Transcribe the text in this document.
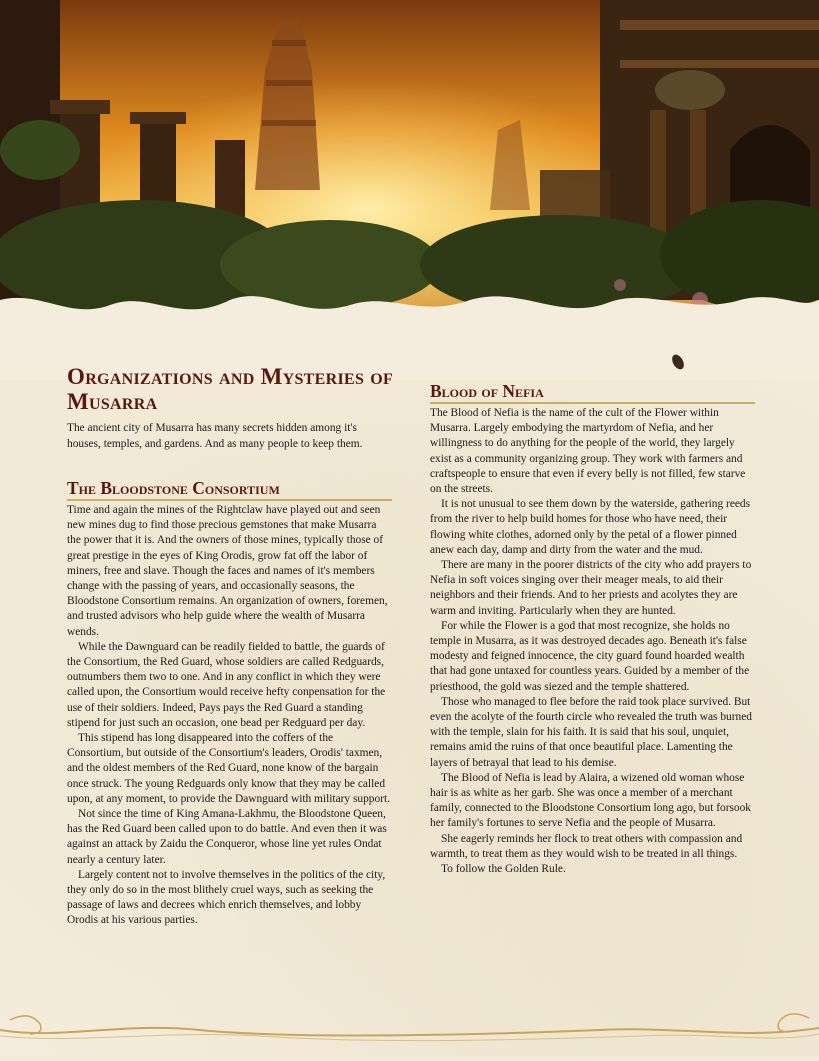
Organizations and Mysteries of Musarra

The ancient city of Musarra has many secrets hidden among it's houses, temples, and gardens. And as many people to keep them.

The Bloodstone Consortium

Time and again the mines of the Rightclaw have played out and seen new mines dug to find those precious gemstones that make Musarra the power that it is. And the owners of those mines, typically those of great prestige in the eyes of King Orodis, grow fat off the labor of miners, free and slave. Though the faces and names of it's members change with the passing of years, and occasionally seasons, the Bloodstone Consortium remains. An organization of owners, foremen, and trusted advisors who help guide where the wealth of Musarra wends.

While the Dawnguard can be readily fielded to battle, the guards of the Consortium, the Red Guard, whose soldiers are called Redguards, outnumbers them two to one. And in any conflict in which they were called upon, the Consortium would receive hefty conpensation for the use of their soldiers. Indeed, Pays pays the Red Guard a standing stipend for just such an occasion, one bead per Redguard per day.

This stipend has long disappeared into the coffers of the Consortium, but outside of the Consortium's leaders, Orodis' taxmen, and the oldest members of the Red Guard, none know of the bargain once struck. The young Redguards only know that they may be called upon, at any moment, to provide the Dawnguard with military support.

Not since the time of King Amana-Lakhmu, the Bloodstone Queen, has the Red Guard been called upon to do battle. And even then it was against an attack by Zaidu the Conqueror, whose line yet rules Ondat nearly a century later.

Largely content not to involve themselves in the politics of the city, they only do so in the most blithely cruel ways, such as seeking the passage of laws and decrees which enrich themselves, and lobby Orodis at his various parties.

Blood of Nefia

The Blood of Nefia is the name of the cult of the Flower within Musarra. Largely embodying the martyrdom of Nefia, and her willingness to do anything for the people of the world, they largely exist as a community organizing group. They work with farmers and craftspeople to ensure that even if every belly is not filled, few starve on the streets.

It is not unusual to see them down by the waterside, gathering reeds from the river to help build homes for those who have need, their flowing white clothes, adorned only by the petal of a flower pinned anew each day, damp and dirty from the water and the mud.

There are many in the poorer districts of the city who add prayers to Nefia in soft voices singing over their meager meals, to aid their neighbors and their friends. And to her priests and acolytes they are warm and inviting. Particularly when they are hunted.

For while the Flower is a god that most recognize, she holds no temple in Musarra, as it was destroyed decades ago. Beneath it's false modesty and feigned innocence, the city guard found hoarded wealth that had gone untaxed for countless years. Guided by a member of the priesthood, the gold was siezed and the temple shattered.

Those who managed to flee before the raid took place survived. But even the acolyte of the fourth circle who revealed the truth was burned with the temple, slain for his faith. It is said that his soul, unquiet, remains amid the ruins of that once beautiful place. Lamenting the layers of betrayal that lead to his demise.

The Blood of Nefia is lead by Alaira, a wizened old woman whose hair is as white as her garb. She was once a member of a merchant family, connected to the Bloodstone Consortium long ago, but forsook her family's fortunes to serve Nefia and the people of Musarra.

She eagerly reminds her flock to treat others with compassion and warmth, to treat them as they would wish to be treated in all things.

To follow the Golden Rule.
